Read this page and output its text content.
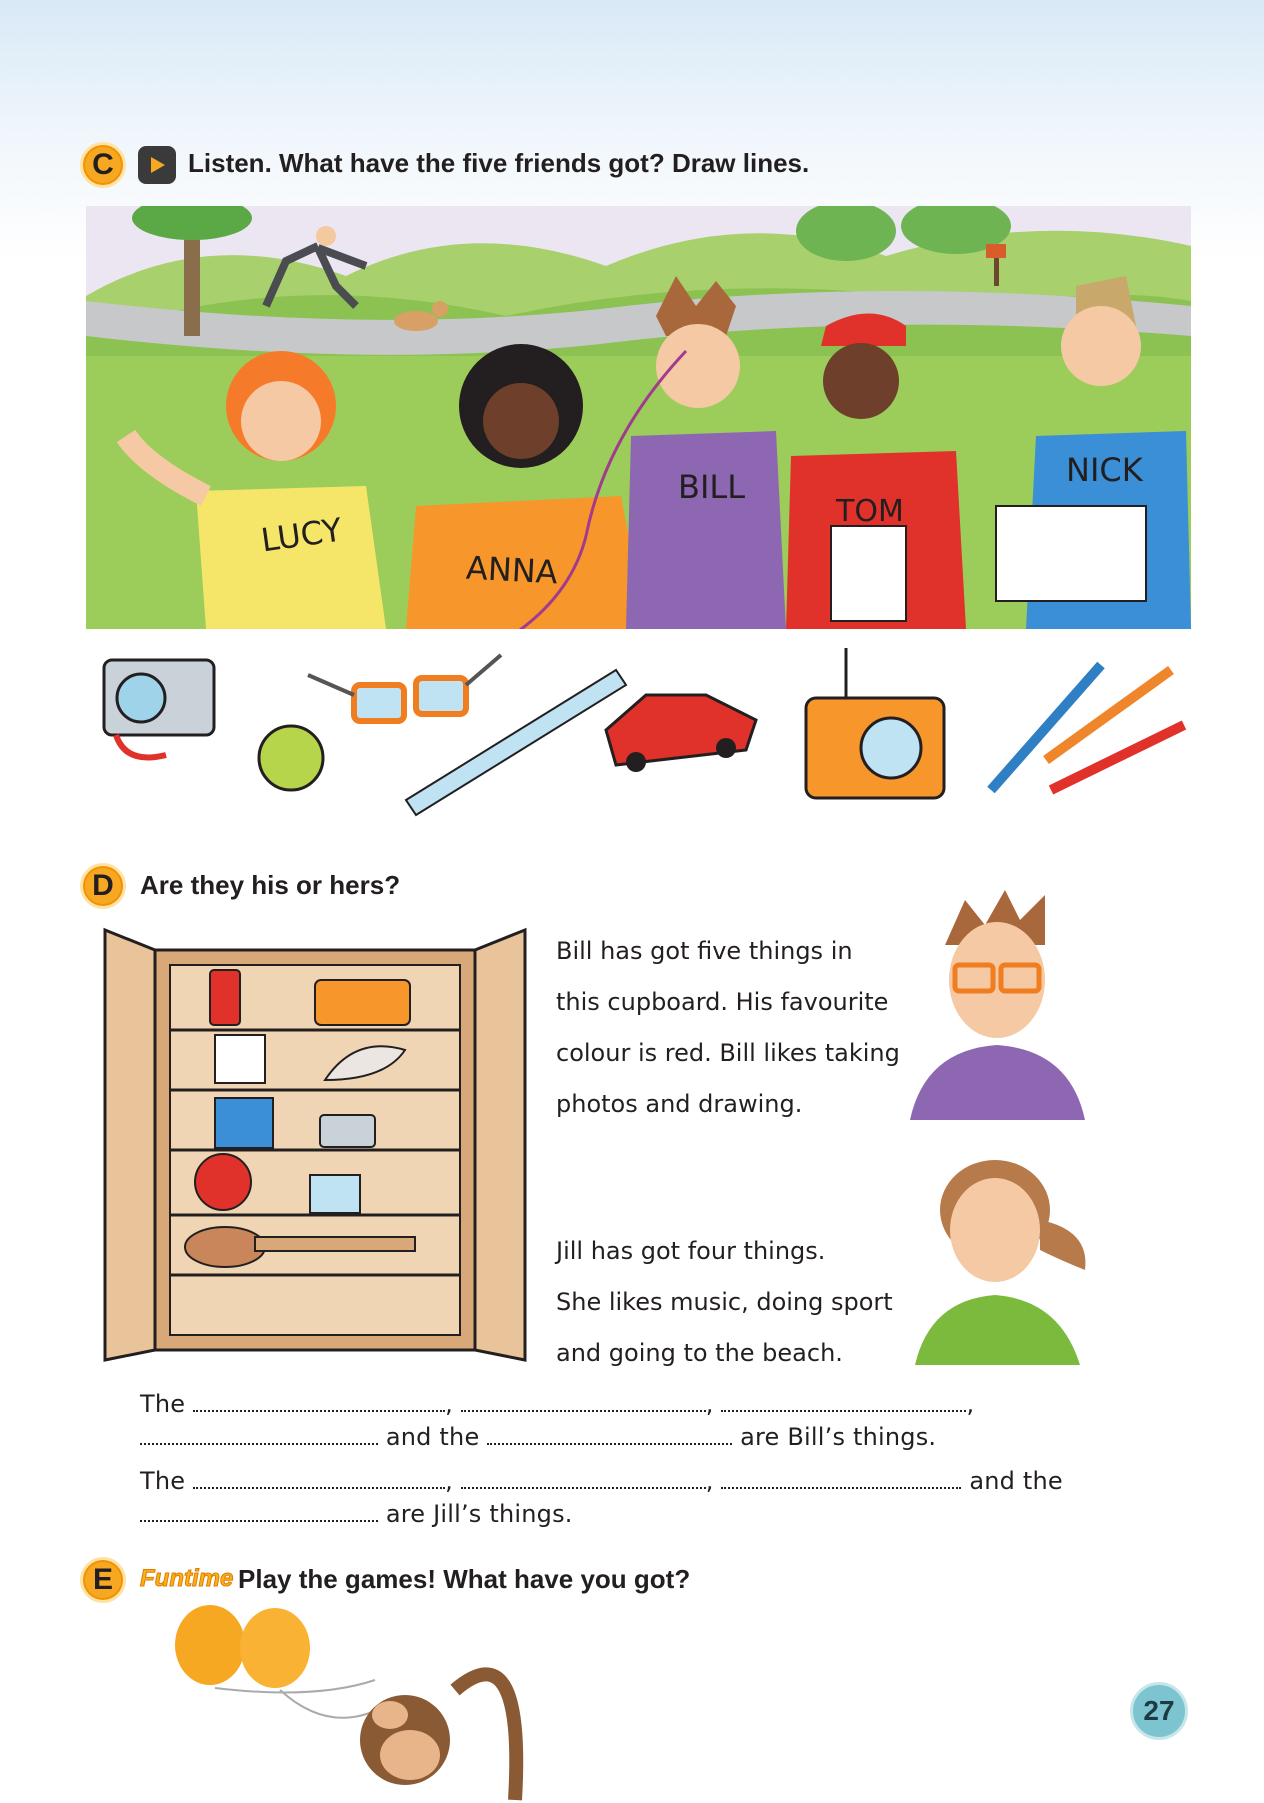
C	Listen. What have the five friends got? Draw lines.
LUCY
ANNA
BILL
TOM
NICK
D Are they his or hers?
Bill has got five things in
this cupboard. His favourite
colour is red. Bill likes taking
photos and drawing.
Jill has got four things.
She likes music, doing sport
and going to the beach.
The	,	,	,
and the	are Bill’s things.
The	,	,	and the
are Jill’s things.
E Funtime Play the games! What have you got?
27
